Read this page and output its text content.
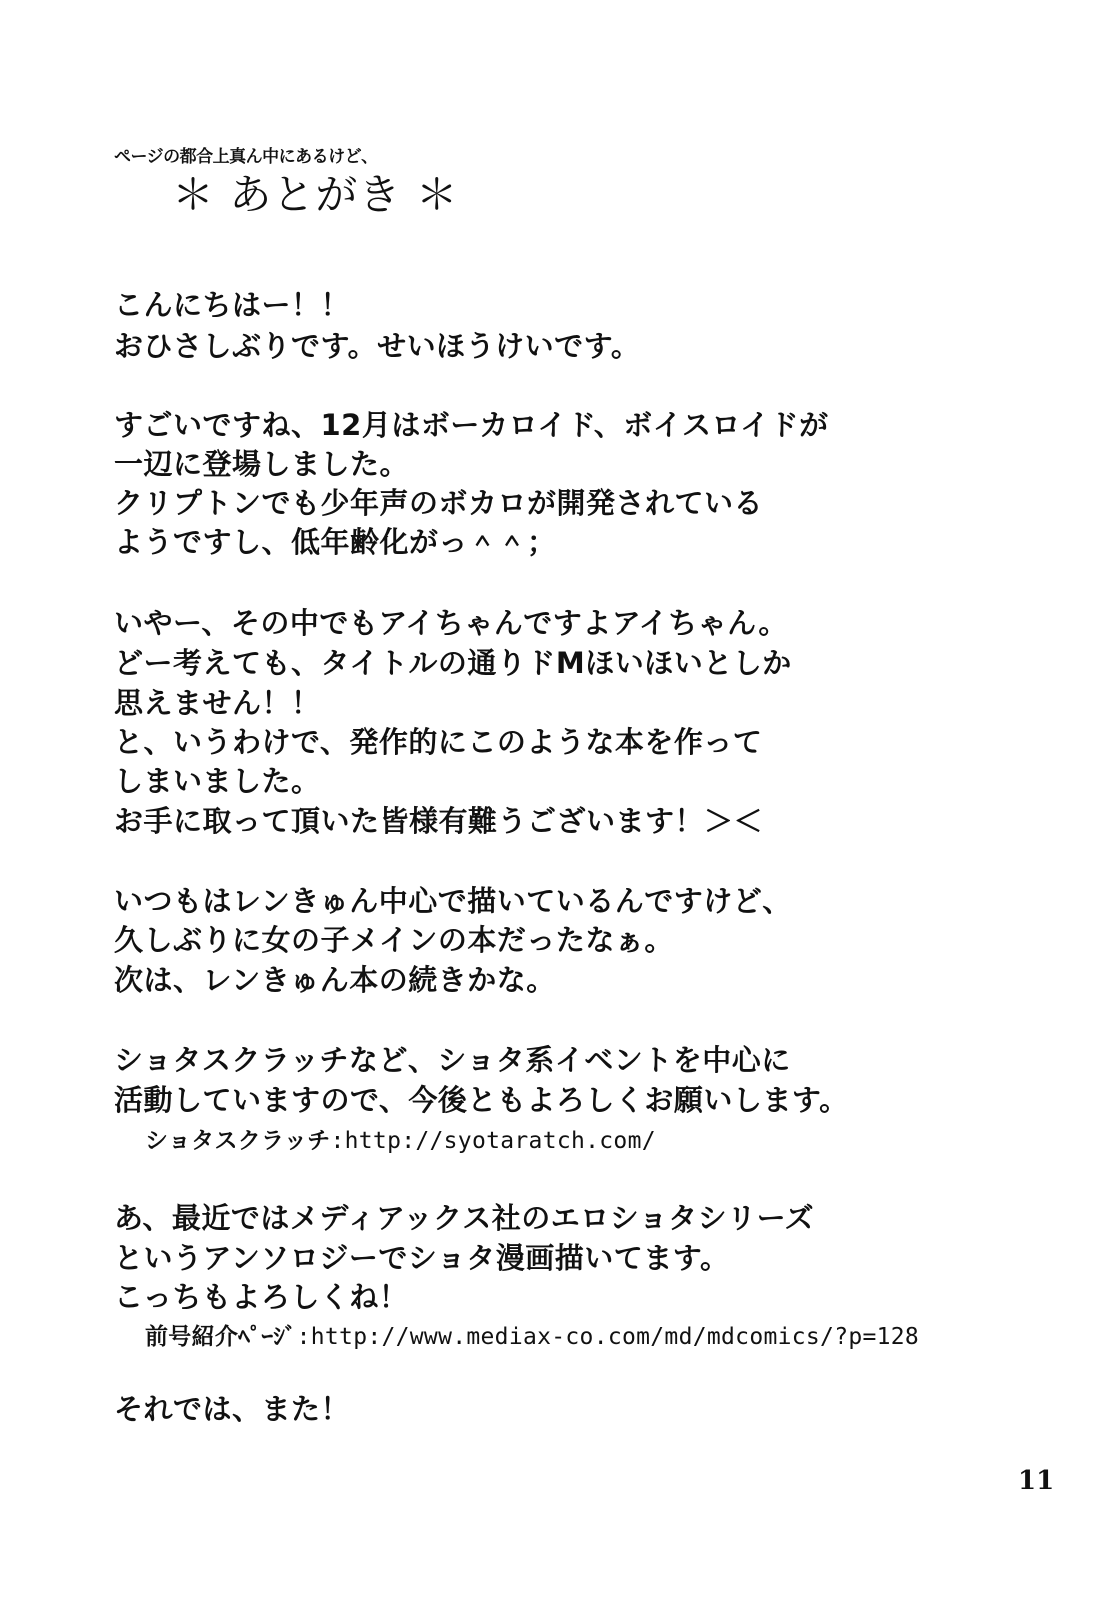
ページの都合上真ん中にあるけど、
＊ あとがき ＊
こんにちはー！！
おひさしぶりです。せいほうけいです。
すごいですね、12月はボーカロイド、ボイスロイドが
一辺に登場しました。
クリプトンでも少年声のボカロが開発されている
ようですし、低年齢化がっ＾＾；
いやー、その中でもアイちゃんですよアイちゃん。
どー考えても、タイトルの通りドMほいほいとしか
思えません！！
と、いうわけで、発作的にこのような本を作って
しまいました。
お手に取って頂いた皆様有難うございます！＞＜
いつもはレンきゅん中心で描いているんですけど、
久しぶりに女の子メインの本だったなぁ。
次は、レンきゅん本の続きかな。
ショタスクラッチなど、ショタ系イベントを中心に
活動していますので、今後ともよろしくお願いします。
ショタスクラッチ:http://syotaratch.com/
あ、最近ではメディアックス社のエロショタシリーズ
というアンソロジーでショタ漫画描いてます。
こっちもよろしくね！
前号紹介ﾍﾟｰｼﾞ:http://www.mediax-co.com/md/mdcomics/?p=128
それでは、また！
11
